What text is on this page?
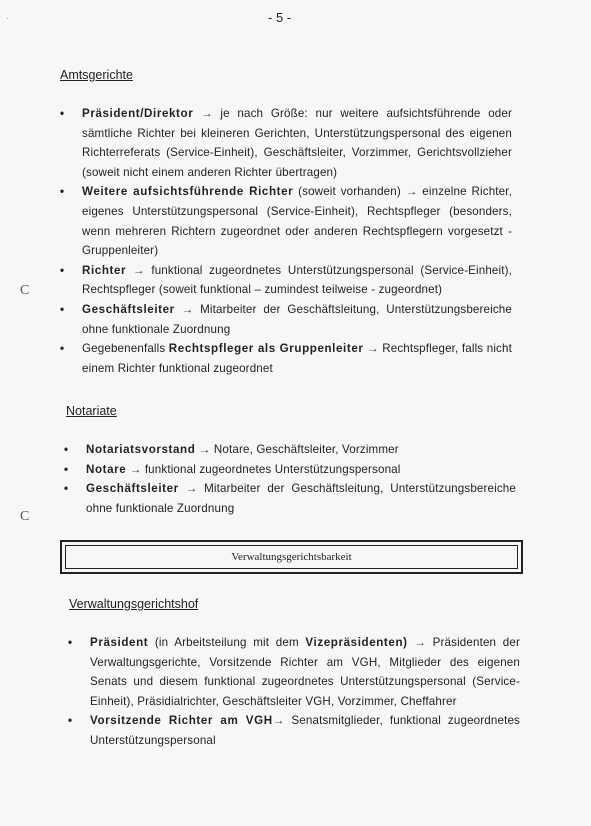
- 5 -
·
C
C
Amtsgerichte
• Präsident/Direktor → je nach Größe: nur weitere aufsichtsführende oder sämtliche Richter bei kleineren Gerichten, Unterstützungspersonal des eigenen Richterreferats (Service-Einheit), Geschäftsleiter, Vorzimmer, Gerichtsvollzieher (soweit nicht einem anderen Richter übertragen)
• Weitere aufsichtsführende Richter (soweit vorhanden) → einzelne Richter, eigenes Unterstützungspersonal (Service-Einheit), Rechtspfleger (besonders, wenn mehreren Richtern zugeordnet oder anderen Rechtspflegern vorgesetzt - Gruppenleiter)
• Richter → funktional zugeordnetes Unterstützungspersonal (Service-Einheit), Rechtspfleger (soweit funktional – zumindest teilweise - zugeordnet)
• Geschäftsleiter → Mitarbeiter der Geschäftsleitung, Unterstützungsbereiche ohne funktionale Zuordnung
• Gegebenenfalls Rechtspfleger als Gruppenleiter → Rechtspfleger, falls nicht einem Richter funktional zugeordnet
Notariate
• Notariatsvorstand → Notare, Geschäftsleiter, Vorzimmer
• Notare → funktional zugeordnetes Unterstützungspersonal
• Geschäftsleiter → Mitarbeiter der Geschäftsleitung, Unterstützungsbereiche ohne funktionale Zuordnung
Verwaltungsgerichtsbarkeit
Verwaltungsgerichtshof
• Präsident (in Arbeitsteilung mit dem Vizepräsidenten) → Präsidenten der Verwaltungsgerichte, Vorsitzende Richter am VGH, Mitglieder des eigenen Senats und diesem funktional zugeordnetes Unterstützungspersonal (Service-Einheit), Präsidialrichter, Geschäftsleiter VGH, Vorzimmer, Cheffahrer
• Vorsitzende Richter am VGH→ Senatsmitglieder, funktional zugeordnetes Unterstützungspersonal
